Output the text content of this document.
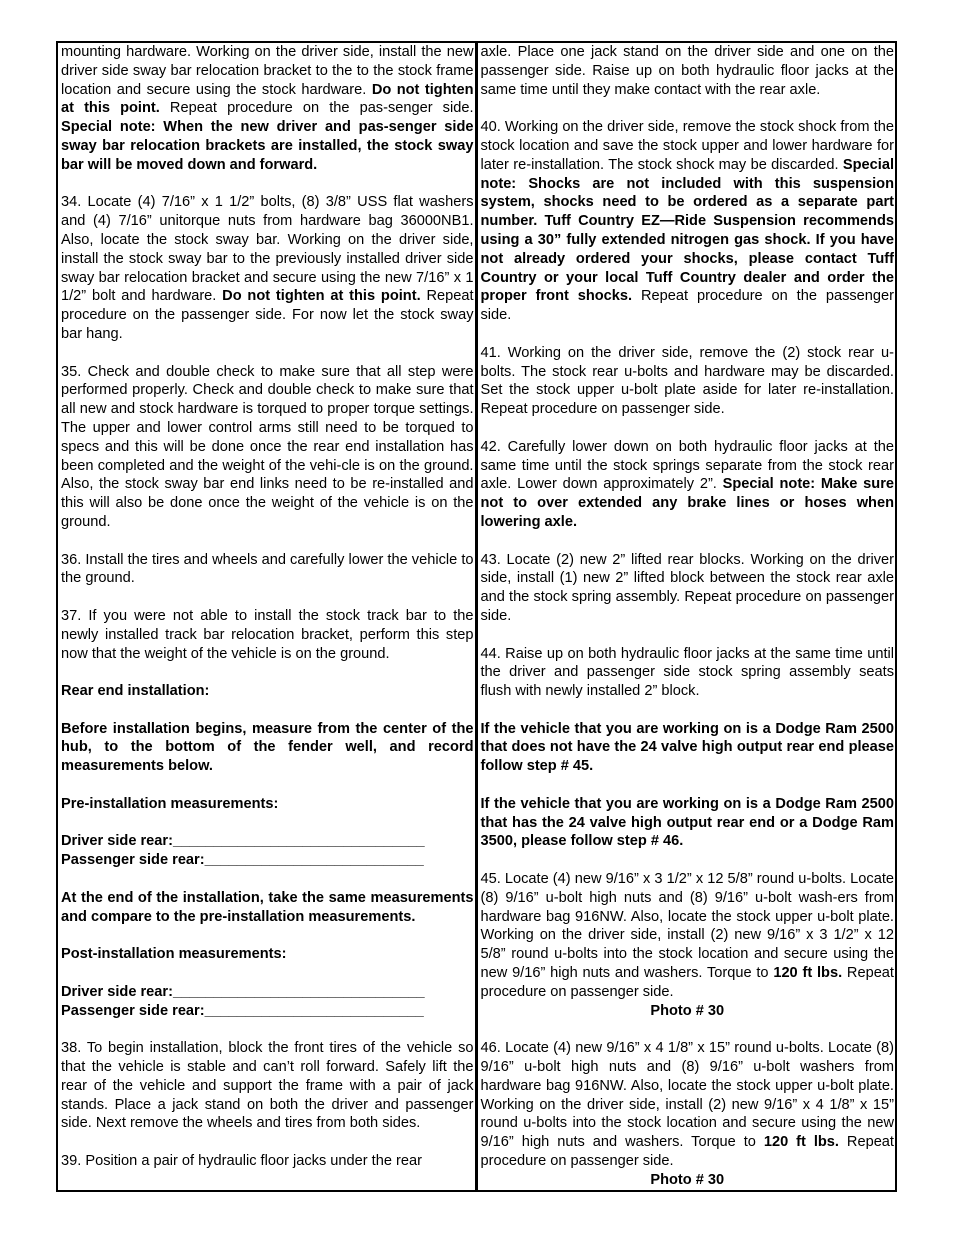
mounting hardware. Working on the driver side, install the new driver side sway bar relocation bracket to the to the stock frame location and secure using the stock hardware. Do not tighten at this point. Repeat procedure on the pas-senger side. Special note: When the new driver and pas-senger side sway bar relocation brackets are installed, the stock sway bar will be moved down and forward.

34. Locate (4) 7/16” x 1 1/2” bolts, (8) 3/8” USS flat washers and (4) 7/16” unitorque nuts from hardware bag 36000NB1. Also, locate the stock sway bar. Working on the driver side, install the stock sway bar to the previously installed driver side sway bar relocation bracket and secure using the new 7/16” x 1 1/2” bolt and hardware. Do not tighten at this point. Repeat procedure on the passenger side. For now let the stock sway bar hang.

35. Check and double check to make sure that all step were performed properly. Check and double check to make sure that all new and stock hardware is torqued to proper torque settings. The upper and lower control arms still need to be torqued to specs and this will be done once the rear end installation has been completed and the weight of the vehi-cle is on the ground. Also, the stock sway bar end links need to be re-installed and this will also be done once the weight of the vehicle is on the ground.

36. Install the tires and wheels and carefully lower the vehicle to the ground.

37. If you were not able to install the stock track bar to the newly installed track bar relocation bracket, perform this step now that the weight of the vehicle is on the ground.

Rear end installation:

Before installation begins, measure from the center of the hub, to the bottom of the fender well, and record measurements below.

Pre-installation measurements:

Driver side rear:_______________________________

Passenger side rear:___________________________

At the end of the installation, take the same measurements and compare to the pre-installation measurements.

Post-installation measurements:

Driver side rear:_______________________________

Passenger side rear:___________________________

38. To begin installation, block the front tires of the vehicle so that the vehicle is stable and can’t roll forward. Safely lift the rear of the vehicle and support the frame with a pair of jack stands. Place a jack stand on both the driver and passenger side. Next remove the wheels and tires from both sides.

39. Position a pair of hydraulic floor jacks under the rear

axle. Place one jack stand on the driver side and one on the passenger side. Raise up on both hydraulic floor jacks at the same time until they make contact with the rear axle.

40. Working on the driver side, remove the stock shock from the stock location and save the stock upper and lower hardware for later re-installation. The stock shock may be discarded. Special note: Shocks are not included with this suspension system, shocks need to be ordered as a separate part number. Tuff Country EZ—Ride Suspension recommends using a 30” fully extended nitrogen gas shock. If you have not already ordered your shocks, please contact Tuff Country or your local Tuff Country dealer and order the proper front shocks. Repeat procedure on the passenger side.

41. Working on the driver side, remove the (2) stock rear u-bolts. The stock rear u-bolts and hardware may be discarded. Set the stock upper u-bolt plate aside for later re-installation. Repeat procedure on passenger side.

42. Carefully lower down on both hydraulic floor jacks at the same time until the stock springs separate from the stock rear axle. Lower down approximately 2”. Special note: Make sure not to over extended any brake lines or hoses when lowering axle.

43. Locate (2) new 2” lifted rear blocks. Working on the driver side, install (1) new 2” lifted block between the stock rear axle and the stock spring assembly. Repeat procedure on passenger side.

44. Raise up on both hydraulic floor jacks at the same time until the driver and passenger side stock spring assembly seats flush with newly installed 2” block.

If the vehicle that you are working on is a Dodge Ram 2500 that does not have the 24 valve high output rear end please follow step # 45.

If the vehicle that you are working on is a Dodge Ram 2500 that has the 24 valve high output rear end or a Dodge Ram 3500, please follow step # 46.

45. Locate (4) new 9/16” x 3 1/2” x 12 5/8” round u-bolts. Locate (8) 9/16” u-bolt high nuts and (8) 9/16” u-bolt wash-ers from hardware bag 916NW. Also, locate the stock upper u-bolt plate. Working on the driver side, install (2) new 9/16” x 3 1/2” x 12 5/8” round u-bolts into the stock location and secure using the new 9/16” high nuts and washers. Torque to 120 ft lbs. Repeat procedure on passenger side.

Photo # 30

46. Locate (4) new 9/16” x 4 1/8” x 15” round u-bolts. Locate (8) 9/16” u-bolt high nuts and (8) 9/16” u-bolt washers from hardware bag 916NW. Also, locate the stock upper u-bolt plate. Working on the driver side, install (2) new 9/16” x 4 1/8” x 15” round u-bolts into the stock location and secure using the new 9/16” high nuts and washers. Torque to 120 ft lbs. Repeat procedure on passenger side.

Photo # 30
